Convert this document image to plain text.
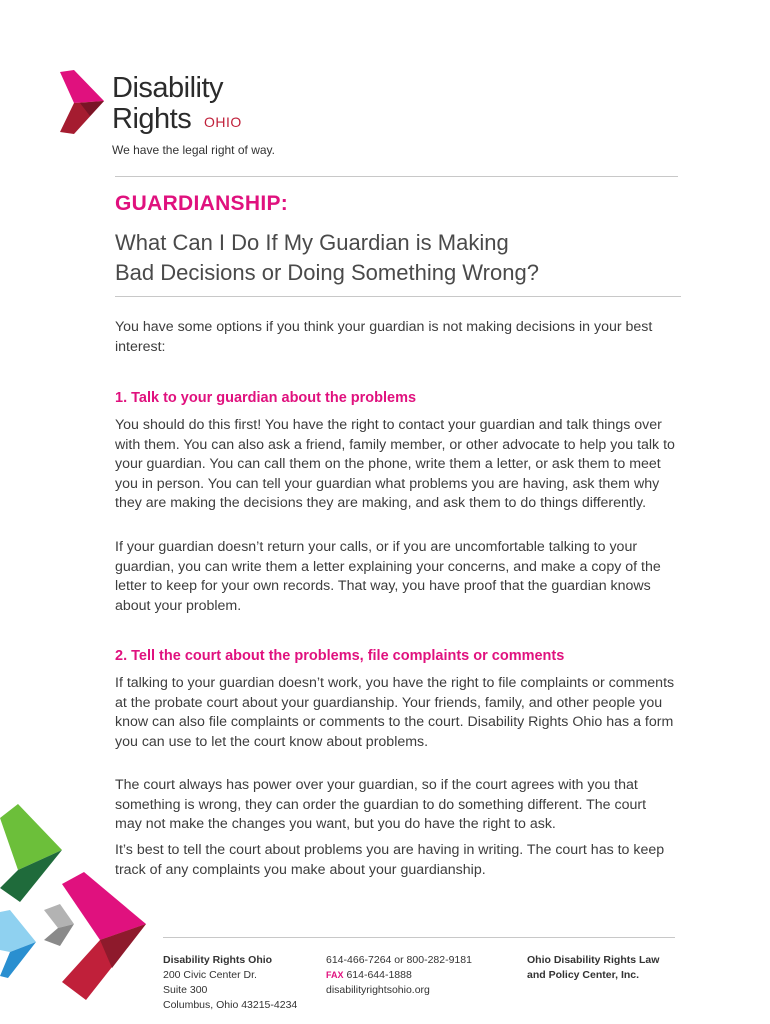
Disability
Rights OHIO
We have the legal right of way.
GUARDIANSHIP:
What Can I Do If My Guardian is Making
Bad Decisions or Doing Something Wrong?

You have some options if you think your guardian is not making decisions in your best interest:

1. Talk to your guardian about the problems

You should do this first! You have the right to contact your guardian and talk things over with them. You can also ask a friend, family member, or other advocate to help you talk to your guardian. You can call them on the phone, write them a letter, or ask them to meet you in person. You can tell your guardian what problems you are having, ask them why they are making the decisions they are making, and ask them to do things differently.

If your guardian doesn’t return your calls, or if you are uncomfortable talking to your guardian, you can write them a letter explaining your concerns, and make a copy of the letter to keep for your own records. That way, you have proof that the guardian knows about your problem.

2. Tell the court about the problems, file complaints or comments

If talking to your guardian doesn’t work, you have the right to file complaints or comments at the probate court about your guardianship. Your friends, family, and other people you know can also file complaints or comments to the court. Disability Rights Ohio has a form you can use to let the court know about problems.

The court always has power over your guardian, so if the court agrees with you that something is wrong, they can order the guardian to do something different. The court may not make the changes you want, but you do have the right to ask.

It’s best to tell the court about problems you are having in writing. The court has to keep track of any complaints you make about your guardianship.

Disability Rights Ohio
200 Civic Center Dr.
Suite 300
Columbus, Ohio 43215-4234
614-466-7264 or 800-282-9181
FAX 614-644-1888
disabilityrightsohio.org
Ohio Disability Rights Law
and Policy Center, Inc.
